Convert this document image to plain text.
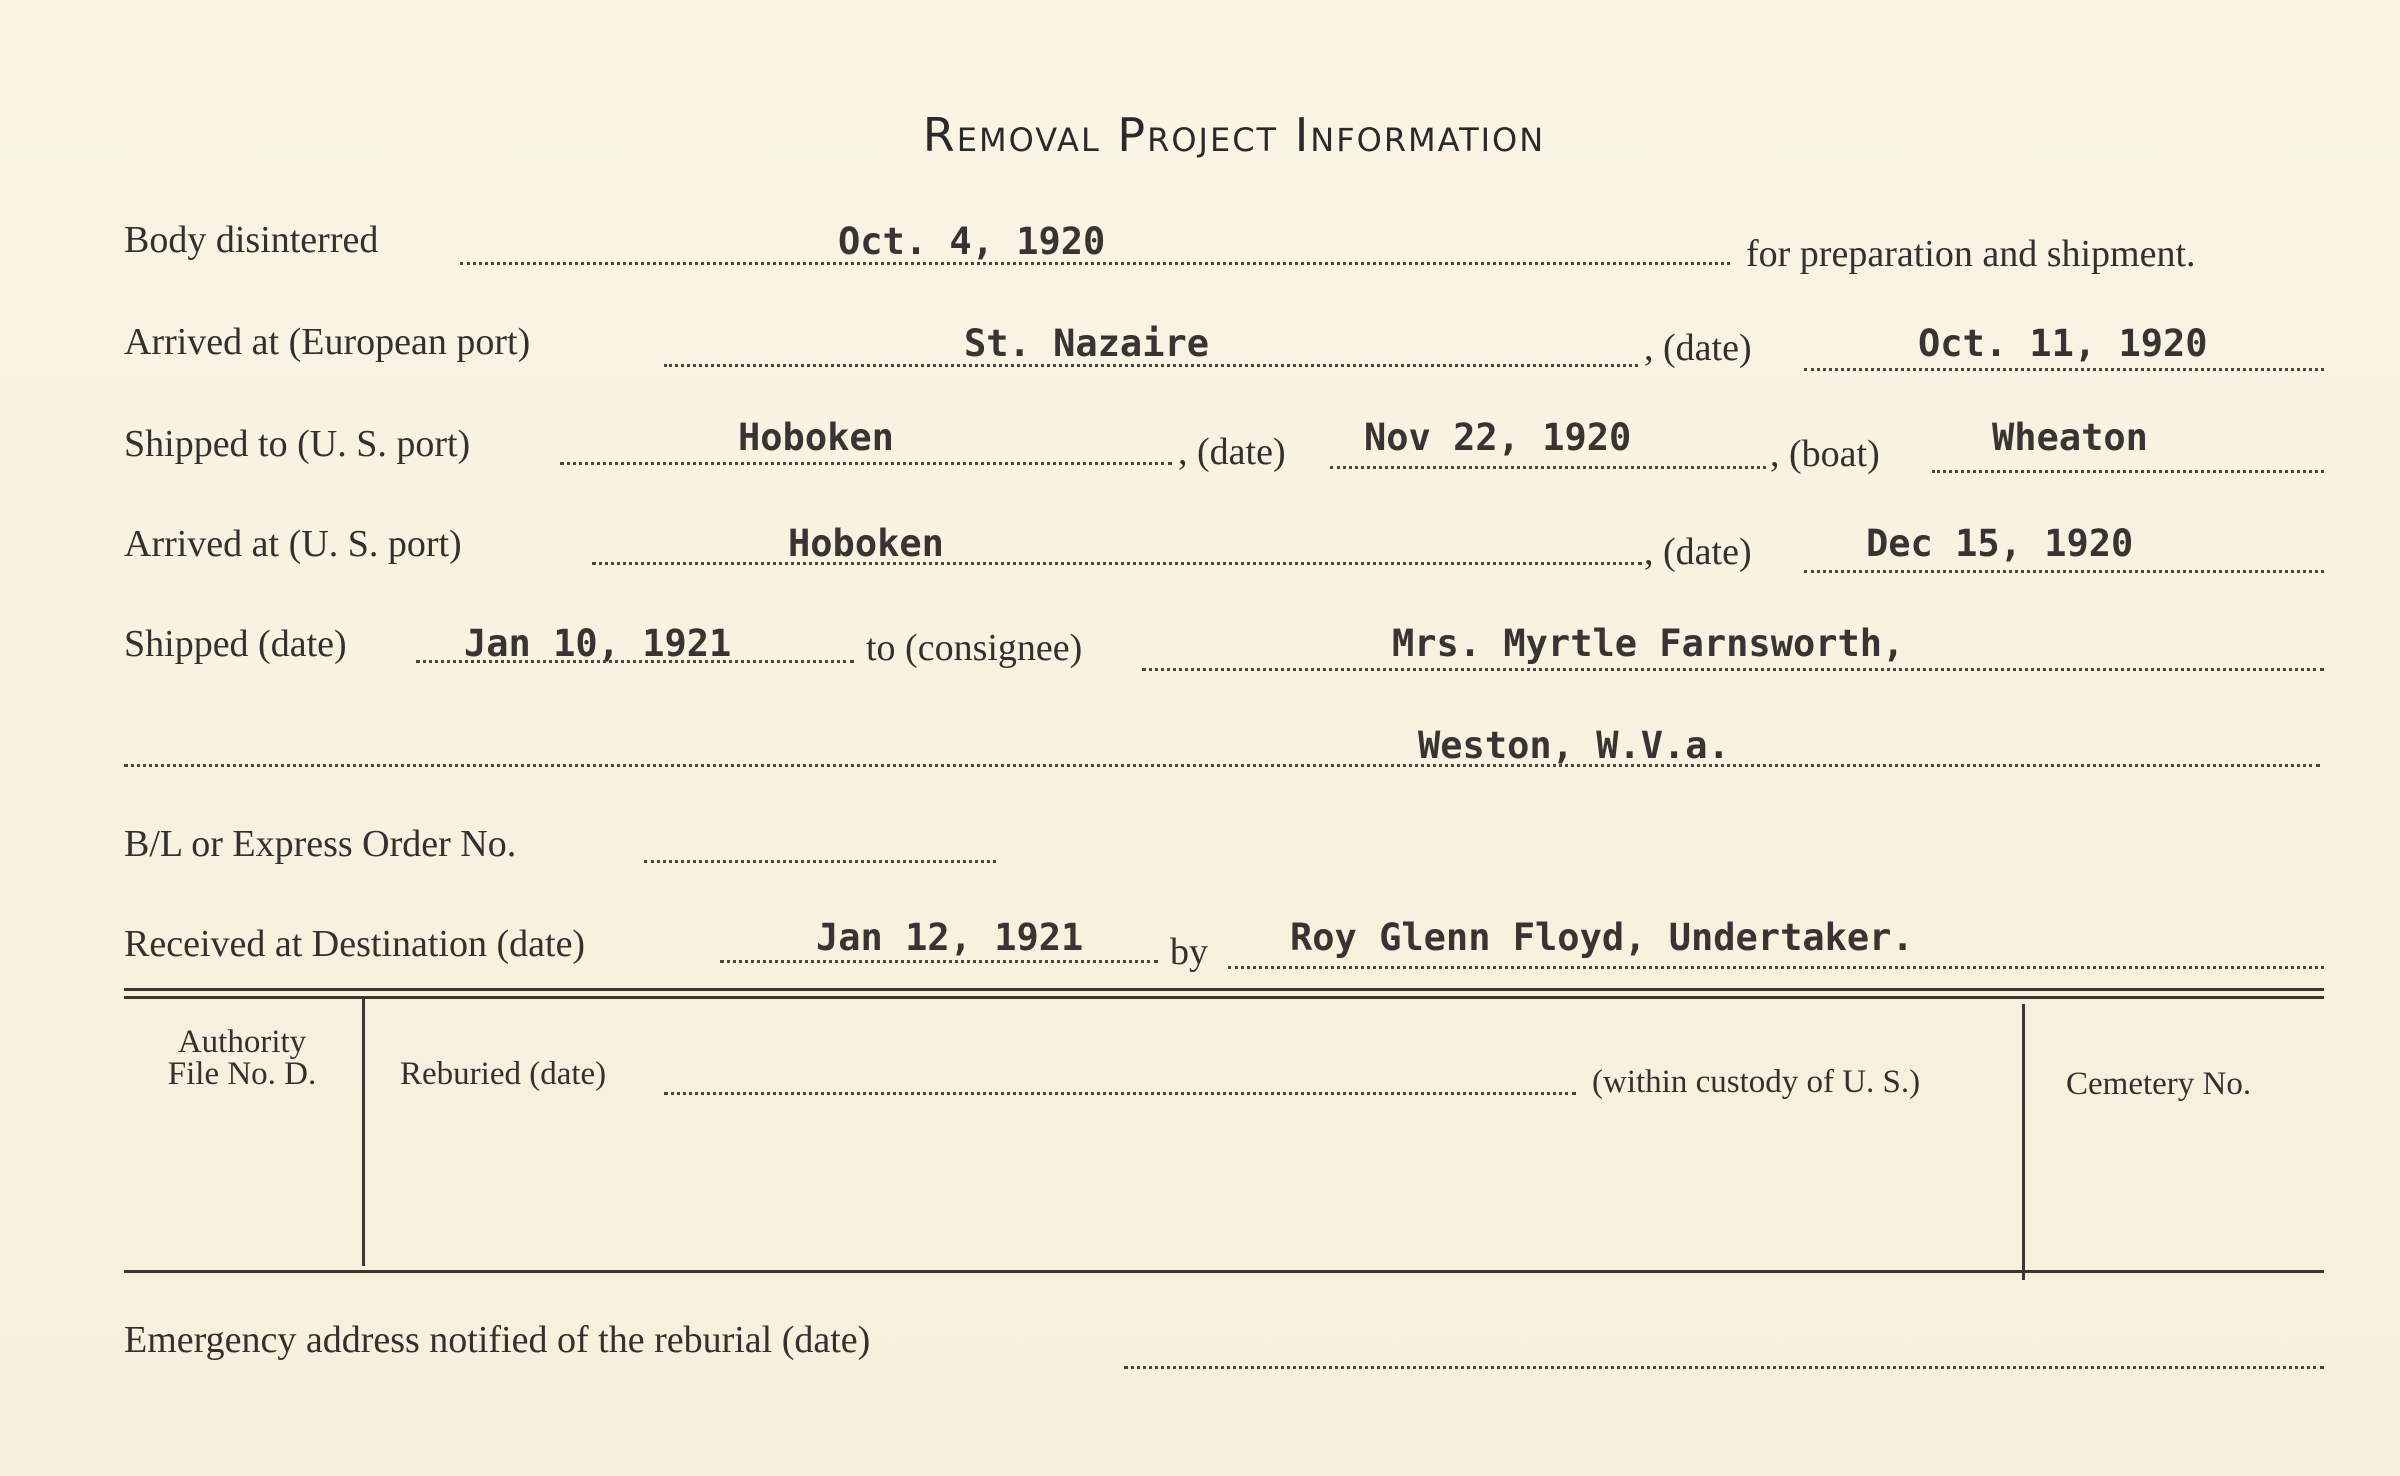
Removal Project Information
Body disinterred	Oct. 4, 1920	for preparation and shipment.
Arrived at (European port)	St. Nazaire	, (date)	Oct. 11, 1920
Shipped to (U. S. port)	Hoboken	, (date) Nov 22, 1920	, (boat)	Wheaton
Arrived at (U. S. port)	Hoboken	, (date)	Dec 15, 1920
Shipped (date)	Jan 10, 1921	to (consignee)	Mrs. Myrtle Farnsworth,
Weston, W.V.a.
B/L or Express Order No.
Received at Destination (date)	Jan 12, 1921 by Roy Glenn Floyd, Undertaker.
Authority
File No. D.	Reburied (date)	(within custody of U. S.)	Cemetery No.
Emergency address notified of the reburial (date)
